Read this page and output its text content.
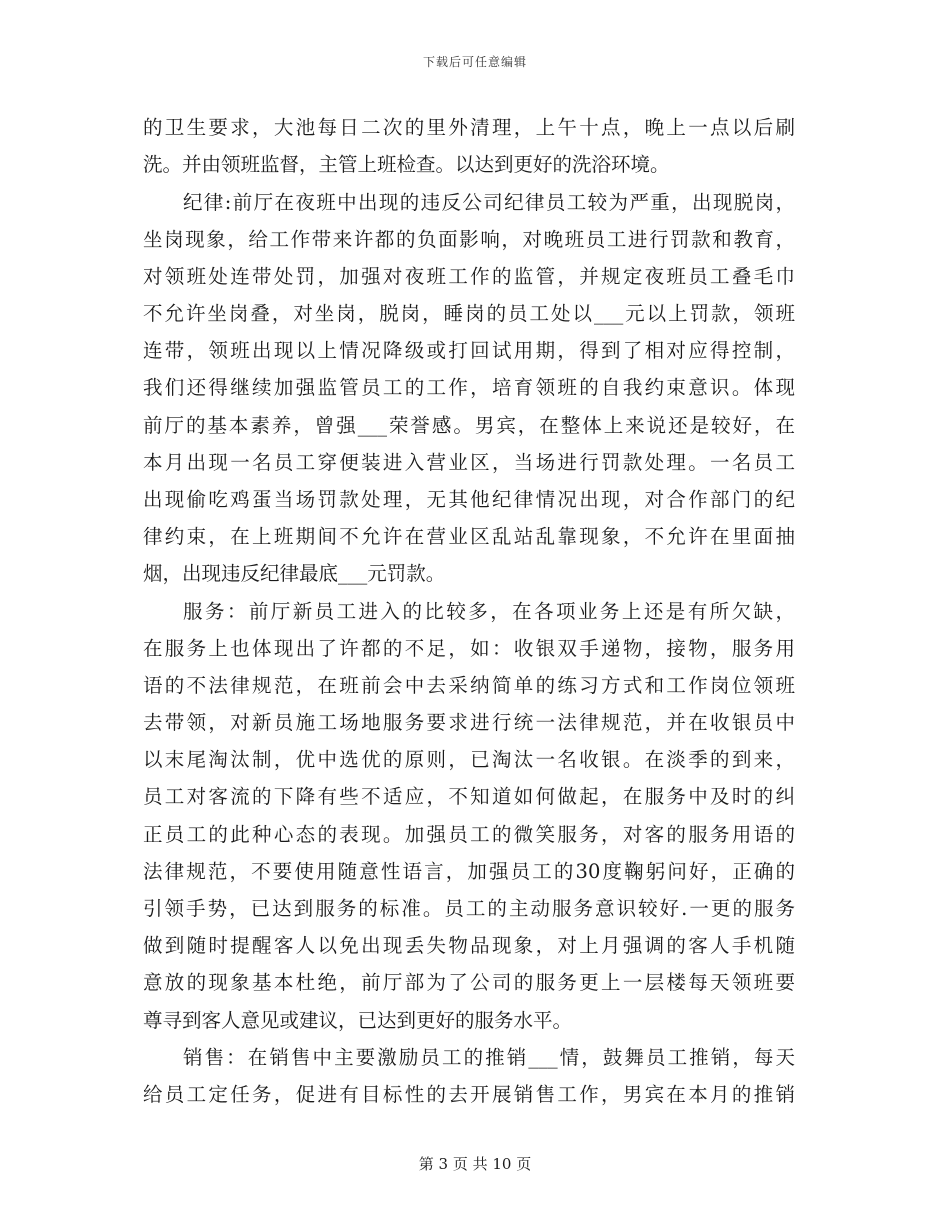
下载后可任意编辑
的卫生要求，大池每日二次的里外清理，上午十点，晚上一点以后刷
洗。并由领班监督，主管上班检查。以达到更好的洗浴环境。
纪律:前厅在夜班中出现的违反公司纪律员工较为严重，出现脱岗，
坐岗现象，给工作带来许都的负面影响，对晚班员工进行罚款和教育，
对领班处连带处罚，加强对夜班工作的监管，并规定夜班员工叠毛巾
不允许坐岗叠，对坐岗，脱岗，睡岗的员工处以___元以上罚款，领班
连带，领班出现以上情况降级或打回试用期，得到了相对应得控制，
我们还得继续加强监管员工的工作，培育领班的自我约束意识。体现
前厅的基本素养，曾强___荣誉感。男宾，在整体上来说还是较好，在
本月出现一名员工穿便装进入营业区，当场进行罚款处理。一名员工
出现偷吃鸡蛋当场罚款处理，无其他纪律情况出现，对合作部门的纪
律约束，在上班期间不允许在营业区乱站乱靠现象，不允许在里面抽
烟，出现违反纪律最底___元罚款。
服务：前厅新员工进入的比较多，在各项业务上还是有所欠缺，
在服务上也体现出了许都的不足，如：收银双手递物，接物，服务用
语的不法律规范，在班前会中去采纳简单的练习方式和工作岗位领班
去带领，对新员施工场地服务要求进行统一法律规范，并在收银员中
以末尾淘汰制，优中选优的原则，已淘汰一名收银。在淡季的到来，
员工对客流的下降有些不适应，不知道如何做起，在服务中及时的纠
正员工的此种心态的表现。加强员工的微笑服务，对客的服务用语的
法律规范，不要使用随意性语言，加强员工的30度鞠躬问好，正确的
引领手势，已达到服务的标准。员工的主动服务意识较好.一更的服务
做到随时提醒客人以免出现丢失物品现象，对上月强调的客人手机随
意放的现象基本杜绝，前厅部为了公司的服务更上一层楼每天领班要
尊寻到客人意见或建议，已达到更好的服务水平。
销售：在销售中主要激励员工的推销___情，鼓舞员工推销，每天
给员工定任务，促进有目标性的去开展销售工作，男宾在本月的推销
第 3 页 共 10 页
